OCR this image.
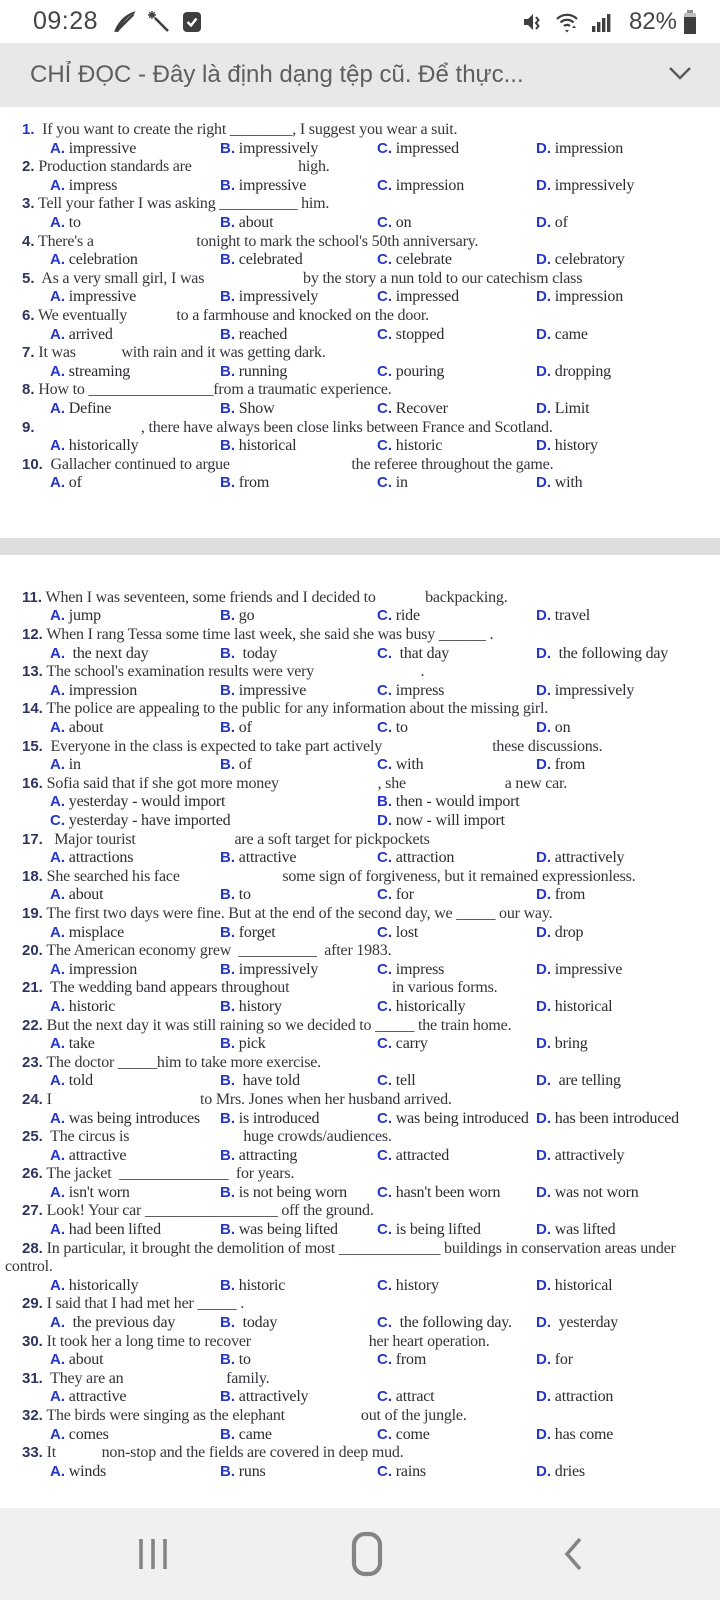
09:28	82%
CHỈ ĐỌC - Đây là định dạng tệp cũ. Để thực...
1.  If you want to create the right ________, I suggest you wear a suit.
A. impressive	B. impressively	C. impressed	D. impression
2. Production standards are                            high.
A. impress	B. impressive	C. impression	D. impressively
3. Tell your father I was asking __________ him.
A. to	B. about	C. on	D. of
4. There's a                           tonight to mark the school's 50th anniversary.
A. celebration	B. celebrated	C. celebrate	D. celebratory
5.  As a very small girl, I was                          by the story a nun told to our catechism class
A. impressive	B. impressively	C. impressed	D. impression
6. We eventually             to a farmhouse and knocked on the door.
A. arrived	B. reached	C. stopped	D. came
7. It was            with rain and it was getting dark.
A. streaming	B. running	C. pouring	D. dropping
8. How to ________________from a traumatic experience.
A. Define	B. Show	C. Recover	D. Limit
9.                            , there have always been close links between France and Scotland.
A. historically	B. historical	C. historic	D. history
10.  Gallacher continued to argue                                the referee throughout the game.
A. of	B. from	C. in	D. with
11. When I was seventeen, some friends and I decided to             backpacking.
A. jump	B. go	C. ride	D. travel
12. When I rang Tessa some time last week, she said she was busy ______ .
A.  the next day	B.  today	C.  that day	D.  the following day
13. The school's examination results were very                            .
A. impression	B. impressive	C. impress	D. impressively
14. The police are appealing to the public for any information about the missing girl.
A. about	B. of	C. to	D. on
15.  Everyone in the class is expected to take part actively                             these discussions.
A. in	B. of	C. with	D. from
16. Sofia said that if she got more money                          , she                          a new car.
A. yesterday - would import	B. then - would import
C. yesterday - have imported	D. now - will import
17.   Major tourist                          are a soft target for pickpockets
A. attractions	B. attractive	C. attraction	D. attractively
18. She searched his face                           some sign of forgiveness, but it remained expressionless.
A. about	B. to	C. for	D. from
19. The first two days were fine. But at the end of the second day, we _____ our way.
A. misplace	B. forget	C. lost	D. drop
20. The American economy grew  __________  after 1983.
A. impression	B. impressively	C. impress	D. impressive
21.  The wedding band appears throughout                           in various forms.
A. historic	B. history	C. historically	D. historical
22. But the next day it was still raining so we decided to _____ the train home.
A. take	B. pick	C. carry	D. bring
23. The doctor _____him to take more exercise.
A. told	B.  have told	C. tell	D.  are telling
24. I                                       to Mrs. Jones when her husband arrived.
A. was being introduces	B. is introduced	C. was being introduced D. has been introduced
25.  The circus is                              huge crowds/audiences.
A. attractive	B. attracting	C. attracted	D. attractively
26. The jacket  ______________  for years.
A. isn't worn	B. is not being worn	C. hasn't been worn	D. was not worn
27. Look! Your car _________________ off the ground.
A. had been lifted	B. was being lifted	C. is being lifted	D. was lifted
28. In particular, it brought the demolition of most _____________ buildings in conservation areas under control.
A. historically	B. historic	C. history	D. historical
29. I said that I had met her _____ .
A.  the previous day	B.  today	C.  the following day.	D.  yesterday
30. It took her a long time to recover                               her heart operation.
A. about	B. to	C. from	D. for
31.  They are an                           family.
A. attractive	B. attractively	C. attract	D. attraction
32. The birds were singing as the elephant                    out of the jungle.
A. comes	B. came	C. come	D. has come
33. It            non-stop and the fields are covered in deep mud.
A. winds	B. runs	C. rains	D. dries
